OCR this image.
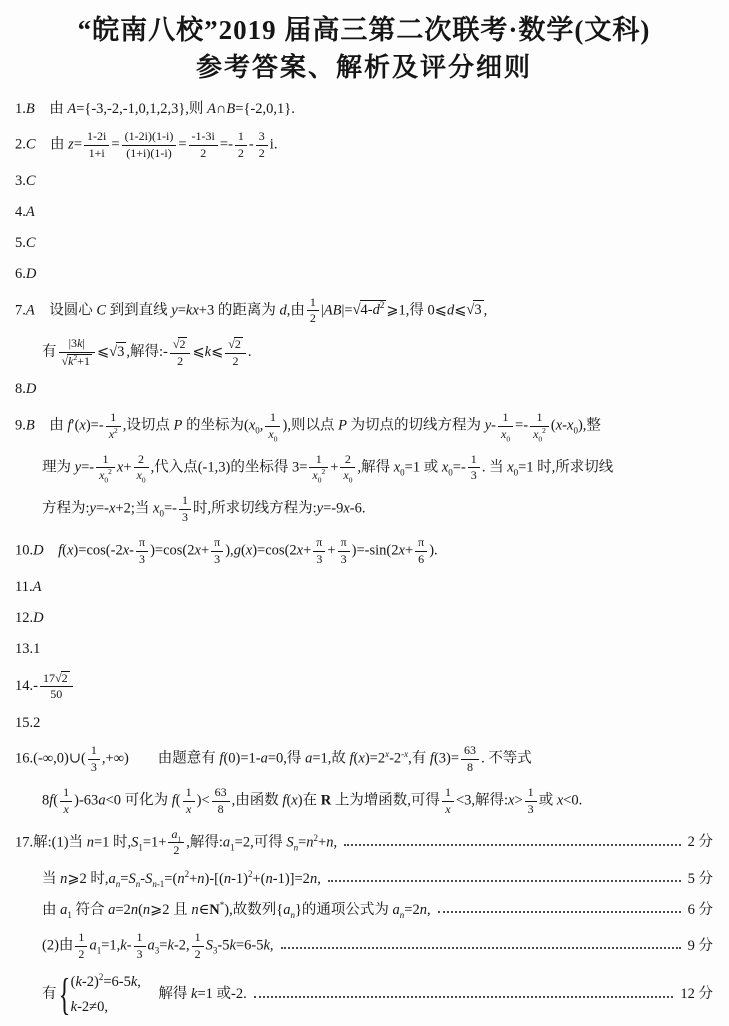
“皖南八校”2019 届高三第二次联考·数学(文科)
参考答案、解析及评分细则
1.B　由 A={-3,-2,-1,0,1,2,3},则 A∩B={-2,0,1}.
2.C　由 $z= \frac{1-2i}{1+i} = \frac{(1-2i)(1-i)}{(1+i)(1-i)} = \frac{-1-3i}{2} =- \frac{1}{2} - \frac{3}{2} i$.
3.C
4.A
5.C
6.D
7.A　设圆心 C 到到直线 y=kx+3 的距离为 d,由 $\frac{1}{2} |AB|=√4-d^2$ ⩾1,得 0⩽d⩽√3 ,
有 $\frac{|3k|}{√k^2+1}$ ⩽√3 ,解得:- $\frac{√2}{2}$ ⩽k⩽ $\frac{√2}{2}$ .
8.D
9.B　由 $f'(x)=- \frac{1}{x^2}$ ,设切点 P 的坐标为($x_0$, $\frac{1}{x_0}$ ),则以点 P 为切点的切线方程为 $y- \frac{1}{x_0} =- \frac{1}{x_0^2} (x-x_0)$,整
理为 $y=- \frac{1}{x_0^2} x+ \frac{2}{x_0}$ ,代入点(-1,3)的坐标得 $3= \frac{1}{x_0^2} + \frac{2}{x_0}$ ,解得 $x_0=1$ 或 $x_0=- \frac{1}{3}$ . 当 $x_0=1$ 时,所求切线
方程为:y=-x+2;当 $x_0=- \frac{1}{3}$ 时,所求切线方程为:y=-9x-6.
10.D　 $f(x)=\cos(-2x- \frac{\pi}{3} )=\cos(2x+ \frac{\pi}{3} ),g(x)=\cos(2x+ \frac{\pi}{3} + \frac{\pi}{3} )=-\sin(2x+ \frac{\pi}{6}$ ).
11.A
12.D
13.1
$14.- \frac{17√2}{50}$
15.2
16.(-∞,0)∪( $\frac{1}{3}$ ,+∞)　　由题意有 f(0)=1-a=0,得 a=1,故 $f(x)=2^x-2^{-x}$,有 $f(3)= \frac{63}{8}$ . 不等式
$8f( \frac{1}{x} )-63a<0$ 可化为 $f( \frac{1}{x}$ )< $\frac{63}{8}$ ,由函数 f(x)在 R 上为增函数,可得 $\frac{1}{x} <3$,解得:x> $\frac{1}{3}$ 或 x<0.
17.解:(1)当 n=1 时$,S_1=1+ \frac{a_1}{2}$ ,解得$:a_1=2$,可得 $S_n=n^2+n$,	2 分
当 n⩾2 时$,a_n=S_n-S_{n-1}=(n^2+n)-[(n-1)^2+(n-1)]=2n$,	5 分
由 $a_1$ 符合 a=2n(n⩾2 且 n∈N*),故数列$\{a_n\}$的通项公式为 $a_n=2n$,	6 分
(2)由 $\frac{1}{2} a_1=1,k- \frac{1}{3} a_3=k-2$, $\frac{1}{2} S_3-5k=6-5k$,	9 分
有 { $(k-2)^2=6-5k$,
k-2≠0,
　解得 k=1 或-2.	12 分
